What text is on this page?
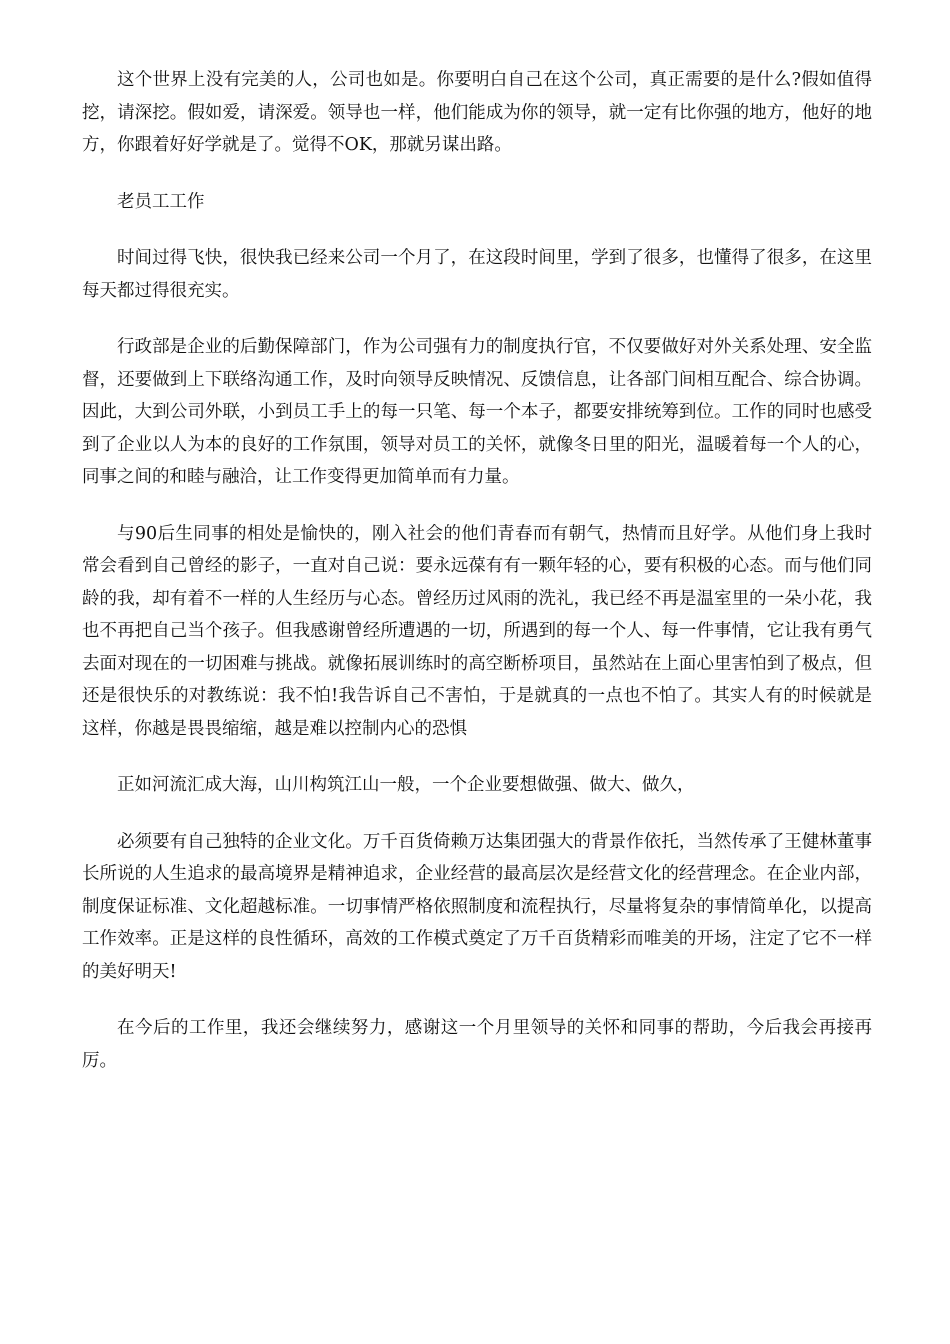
这个世界上没有完美的人，公司也如是。你要明白自己在这个公司，真正需要的是什么?假如值得挖，请深挖。假如爱，请深爱。领导也一样，他们能成为你的领导，就一定有比你强的地方，他好的地方，你跟着好好学就是了。觉得不OK，那就另谋出路。

老员工工作

时间过得飞快，很快我已经来公司一个月了，在这段时间里，学到了很多，也懂得了很多，在这里每天都过得很充实。

行政部是企业的后勤保障部门，作为公司强有力的制度执行官，不仅要做好对外关系处理、安全监督，还要做到上下联络沟通工作，及时向领导反映情况、反馈信息，让各部门间相互配合、综合协调。因此，大到公司外联，小到员工手上的每一只笔、每一个本子，都要安排统筹到位。工作的同时也感受到了企业以人为本的良好的工作氛围，领导对员工的关怀，就像冬日里的阳光，温暖着每一个人的心，同事之间的和睦与融洽，让工作变得更加简单而有力量。

与90后生同事的相处是愉快的，刚入社会的他们青春而有朝气，热情而且好学。从他们身上我时常会看到自己曾经的影子，一直对自己说：要永远葆有有一颗年轻的心，要有积极的心态。而与他们同龄的我，却有着不一样的人生经历与心态。曾经历过风雨的洗礼，我已经不再是温室里的一朵小花，我也不再把自己当个孩子。但我感谢曾经所遭遇的一切，所遇到的每一个人、每一件事情，它让我有勇气去面对现在的一切困难与挑战。就像拓展训练时的高空断桥项目，虽然站在上面心里害怕到了极点，但还是很快乐的对教练说：我不怕!我告诉自己不害怕，于是就真的一点也不怕了。其实人有的时候就是这样，你越是畏畏缩缩，越是难以控制内心的恐惧

正如河流汇成大海，山川构筑江山一般，一个企业要想做强、做大、做久，

必须要有自己独特的企业文化。万千百货倚赖万达集团强大的背景作依托，当然传承了王健林董事长所说的人生追求的最高境界是精神追求，企业经营的最高层次是经营文化的经营理念。在企业内部，制度保证标准、文化超越标准。一切事情严格依照制度和流程执行，尽量将复杂的事情简单化，以提高工作效率。正是这样的良性循环，高效的工作模式奠定了万千百货精彩而唯美的开场，注定了它不一样的美好明天!

在今后的工作里，我还会继续努力，感谢这一个月里领导的关怀和同事的帮助，今后我会再接再厉。
